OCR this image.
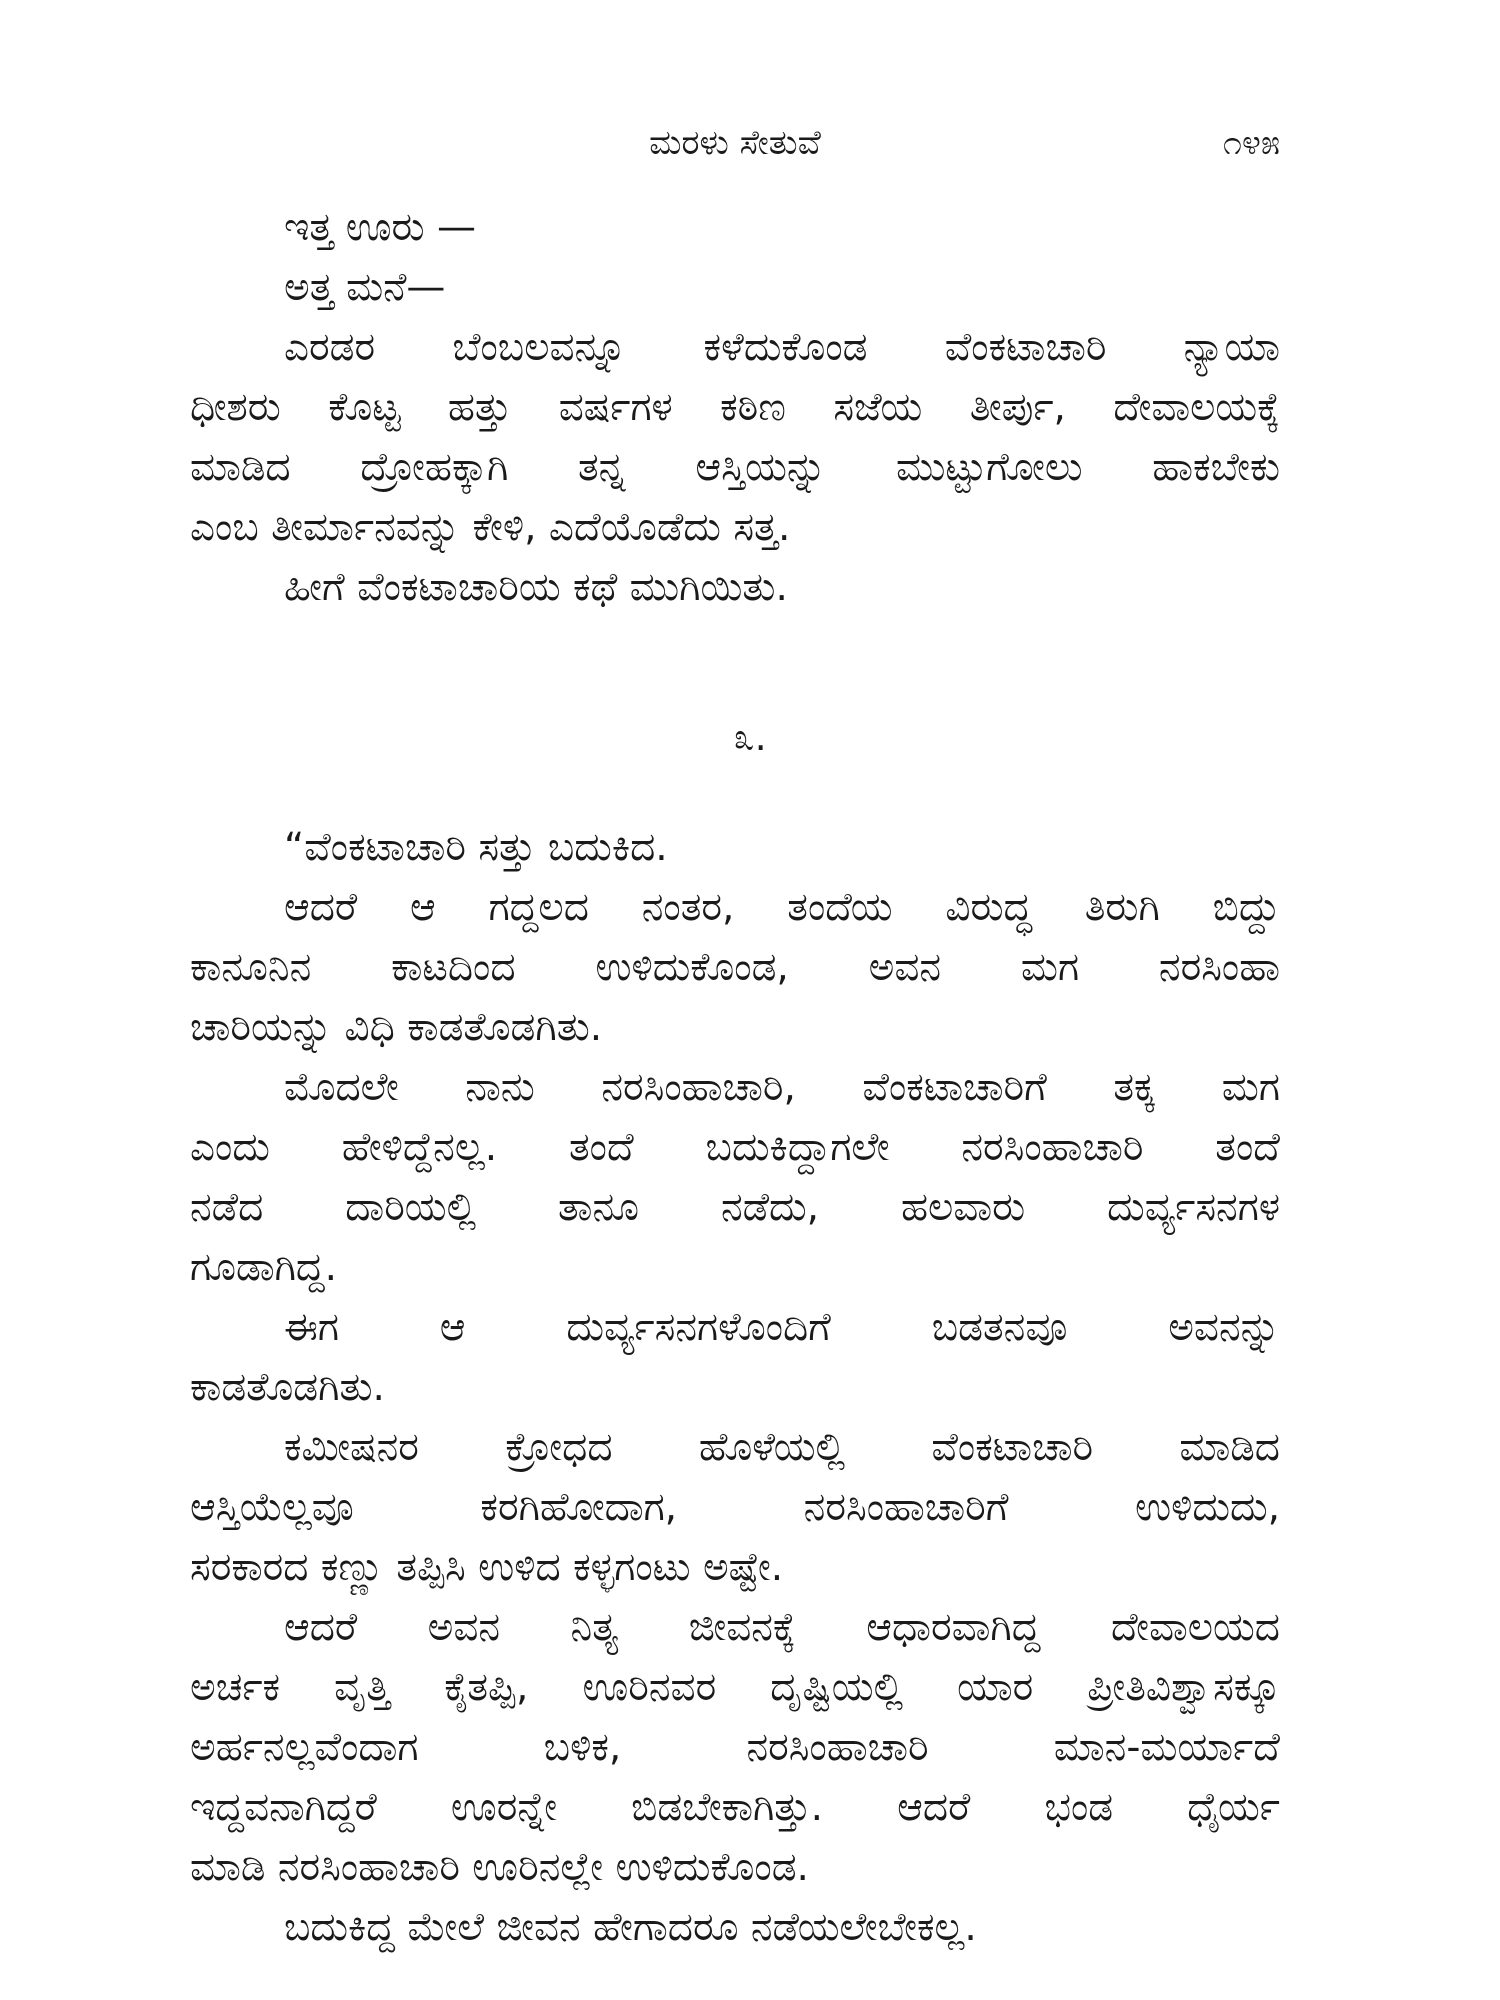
ಮರಳು ಸೇತುವೆ	೧೪೫
ಇತ್ತ ಊರು —
ಅತ್ತ ಮನೆ—
ಎರಡರ ಬೆಂಬಲವನ್ನೂ ಕಳೆದುಕೊಂಡ ವೆಂಕಟಾಚಾರಿ ನ್ಯಾಯಾ
ಧೀಶರು ಕೊಟ್ಟ ಹತ್ತು ವರ್ಷಗಳ ಕಠಿಣ ಸಜೆಯ ತೀರ್ಪು, ದೇವಾಲಯಕ್ಕೆ
ಮಾಡಿದ ದ್ರೋಹಕ್ಕಾಗಿ ತನ್ನ ಆಸ್ತಿಯನ್ನು ಮುಟ್ಟುಗೋಲು ಹಾಕಬೇಕು
ಎಂಬ ತೀರ್ಮಾನವನ್ನು ಕೇಳಿ, ಎದೆಯೊಡೆದು ಸತ್ತ.
ಹೀಗೆ ವೆಂಕಟಾಚಾರಿಯ ಕಥೆ ಮುಗಿಯಿತು.
೩.
“ವೆಂಕಟಾಚಾರಿ ಸತ್ತು ಬದುಕಿದ.
ಆದರೆ ಆ ಗದ್ದಲದ ನಂತರ, ತಂದೆಯ ವಿರುದ್ಧ ತಿರುಗಿ ಬಿದ್ದು
ಕಾನೂನಿನ ಕಾಟದಿಂದ ಉಳಿದುಕೊಂಡ, ಅವನ ಮಗ ನರಸಿಂಹಾ
ಚಾರಿಯನ್ನು ವಿಧಿ ಕಾಡತೊಡಗಿತು.
ಮೊದಲೇ ನಾನು ನರಸಿಂಹಾಚಾರಿ, ವೆಂಕಟಾಚಾರಿಗೆ ತಕ್ಕ ಮಗ
ಎಂದು ಹೇಳಿದ್ದೆನಲ್ಲ. ತಂದೆ ಬದುಕಿದ್ದಾಗಲೇ ನರಸಿಂಹಾಚಾರಿ ತಂದೆ
ನಡೆದ ದಾರಿಯಲ್ಲಿ ತಾನೂ ನಡೆದು, ಹಲವಾರು ದುರ್ವ್ಯಸನಗಳ
ಗೂಡಾಗಿದ್ದ.
ಈಗ ಆ ದುರ್ವ್ಯಸನಗಳೊಂದಿಗೆ ಬಡತನವೂ ಅವನನ್ನು
ಕಾಡತೊಡಗಿತು.
ಕಮೀಷನರ ಕ್ರೋಧದ ಹೊಳೆಯಲ್ಲಿ ವೆಂಕಟಾಚಾರಿ ಮಾಡಿದ
ಆಸ್ತಿಯೆಲ್ಲವೂ ಕರಗಿಹೋದಾಗ, ನರಸಿಂಹಾಚಾರಿಗೆ ಉಳಿದುದು,
ಸರಕಾರದ ಕಣ್ಣು ತಪ್ಪಿಸಿ ಉಳಿದ ಕಳ್ಳಗಂಟು ಅಷ್ಟೇ.
ಆದರೆ ಅವನ ನಿತ್ಯ ಜೀವನಕ್ಕೆ ಆಧಾರವಾಗಿದ್ದ ದೇವಾಲಯದ
ಅರ್ಚಕ ವೃತ್ತಿ ಕೈತಪ್ಪಿ, ಊರಿನವರ ದೃಷ್ಟಿಯಲ್ಲಿ ಯಾರ ಪ್ರೀತಿವಿಶ್ವಾಸಕ್ಕೂ
ಅರ್ಹನಲ್ಲವೆಂದಾಗ ಬಳಿಕ, ನರಸಿಂಹಾಚಾರಿ ಮಾನ-ಮರ್ಯಾದೆ
ಇದ್ದವನಾಗಿದ್ದರೆ ಊರನ್ನೇ ಬಿಡಬೇಕಾಗಿತ್ತು. ಆದರೆ ಭಂಡ ಧೈರ್ಯ
ಮಾಡಿ ನರಸಿಂಹಾಚಾರಿ ಊರಿನಲ್ಲೇ ಉಳಿದುಕೊಂಡ.
ಬದುಕಿದ್ದ ಮೇಲೆ ಜೀವನ ಹೇಗಾದರೂ ನಡೆಯಲೇಬೇಕಲ್ಲ.
